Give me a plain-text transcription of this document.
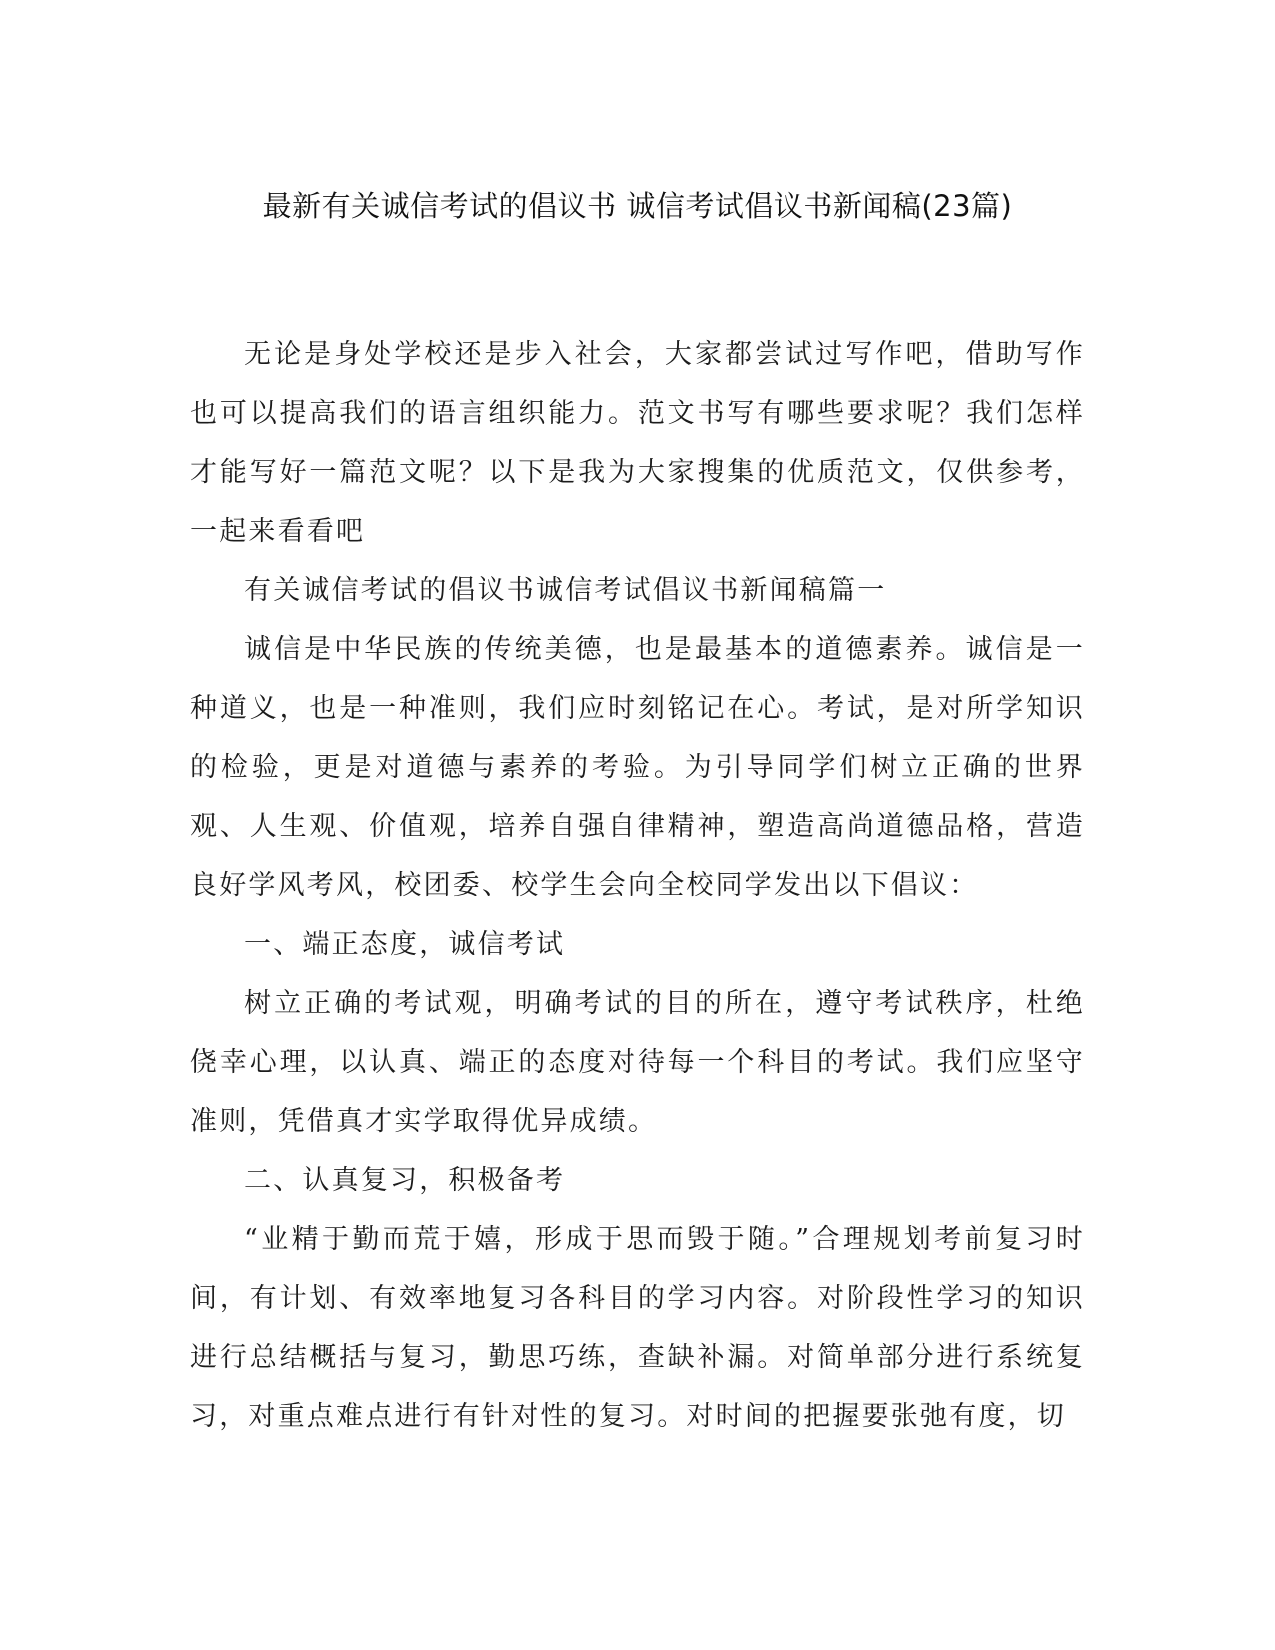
最新有关诚信考试的倡议书 诚信考试倡议书新闻稿(23篇)

无论是身处学校还是步入社会，大家都尝试过写作吧，借助写作也可以提高我们的语言组织能力。范文书写有哪些要求呢？我们怎样才能写好一篇范文呢？以下是我为大家搜集的优质范文，仅供参考，一起来看看吧

有关诚信考试的倡议书诚信考试倡议书新闻稿篇一

诚信是中华民族的传统美德，也是最基本的道德素养。诚信是一种道义，也是一种准则，我们应时刻铭记在心。考试，是对所学知识的检验，更是对道德与素养的考验。为引导同学们树立正确的世界观、人生观、价值观，培养自强自律精神，塑造高尚道德品格，营造良好学风考风，校团委、校学生会向全校同学发出以下倡议：

一、端正态度，诚信考试

树立正确的考试观，明确考试的目的所在，遵守考试秩序，杜绝侥幸心理，以认真、端正的态度对待每一个科目的考试。我们应坚守准则，凭借真才实学取得优异成绩。

二、认真复习，积极备考

“业精于勤而荒于嬉，形成于思而毁于随。”合理规划考前复习时间，有计划、有效率地复习各科目的学习内容。对阶段性学习的知识进行总结概括与复习，勤思巧练，查缺补漏。对简单部分进行系统复习，对重点难点进行有针对性的复习。对时间的把握要张弛有度，切
